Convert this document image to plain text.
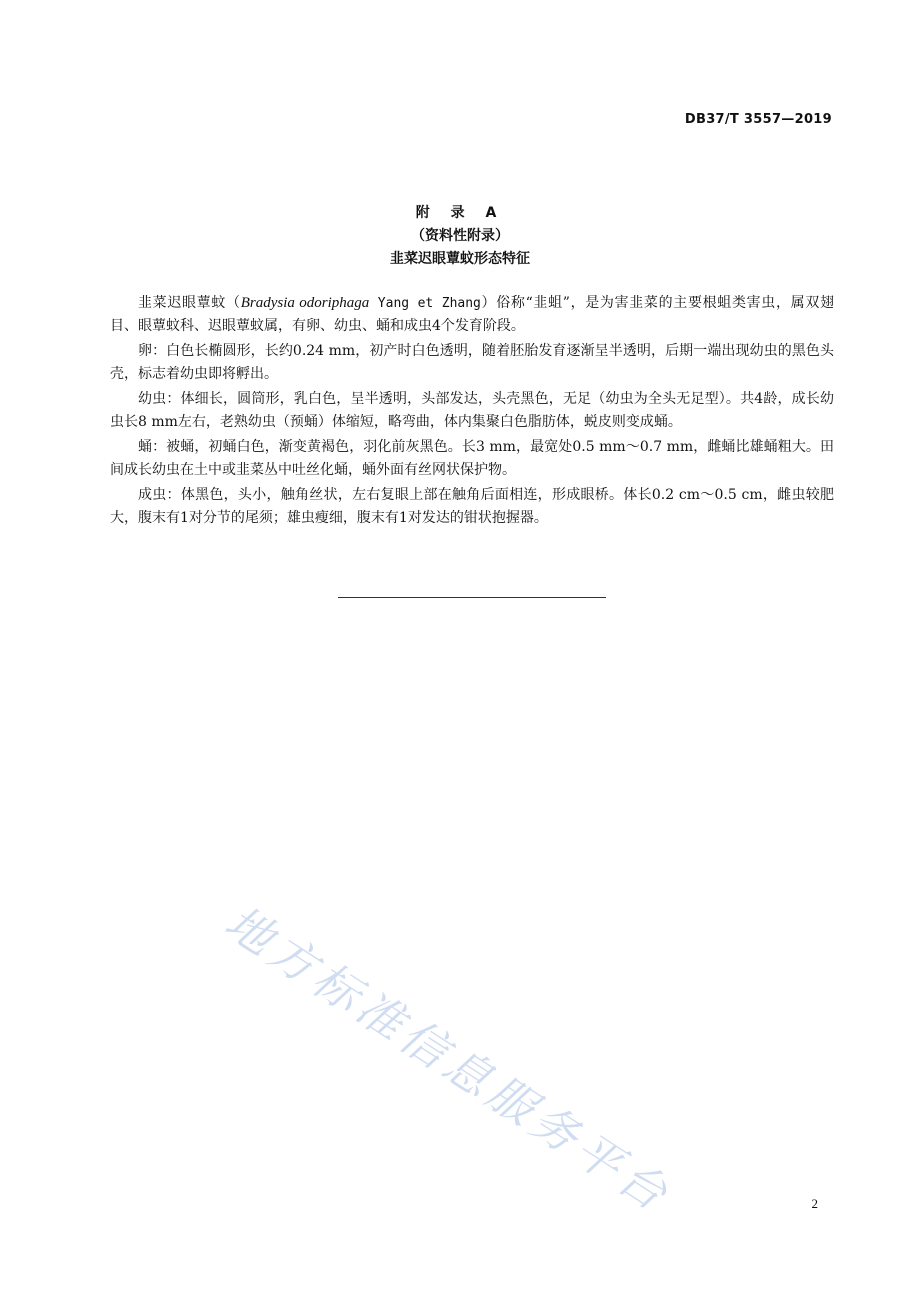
DB37/T 3557—2019
附 录 A
（资料性附录）
韭菜迟眼蕈蚊形态特征

韭菜迟眼蕈蚊（Bradysia odoriphaga Yang et Zhang）俗称“韭蛆”，是为害韭菜的主要根蛆类害虫，属双翅目、眼蕈蚊科、迟眼蕈蚊属，有卵、幼虫、蛹和成虫4个发育阶段。

卵：白色长椭圆形，长约0.24 mm，初产时白色透明，随着胚胎发育逐渐呈半透明，后期一端出现幼虫的黑色头壳，标志着幼虫即将孵出。

幼虫：体细长，圆筒形，乳白色，呈半透明，头部发达，头壳黑色，无足（幼虫为全头无足型）。共4龄，成长幼虫长8 mm左右，老熟幼虫（预蛹）体缩短，略弯曲，体内集聚白色脂肪体，蜕皮则变成蛹。

蛹：被蛹，初蛹白色，渐变黄褐色，羽化前灰黑色。长3 mm，最宽处0.5 mm～0.7 mm，雌蛹比雄蛹粗大。田间成长幼虫在土中或韭菜丛中吐丝化蛹，蛹外面有丝网状保护物。

成虫：体黑色，头小，触角丝状，左右复眼上部在触角后面相连，形成眼桥。体长0.2 cm～0.5 cm，雌虫较肥大，腹末有1对分节的尾须；雄虫瘦细，腹末有1对发达的钳状抱握器。

地方标准信息服务平台	2
